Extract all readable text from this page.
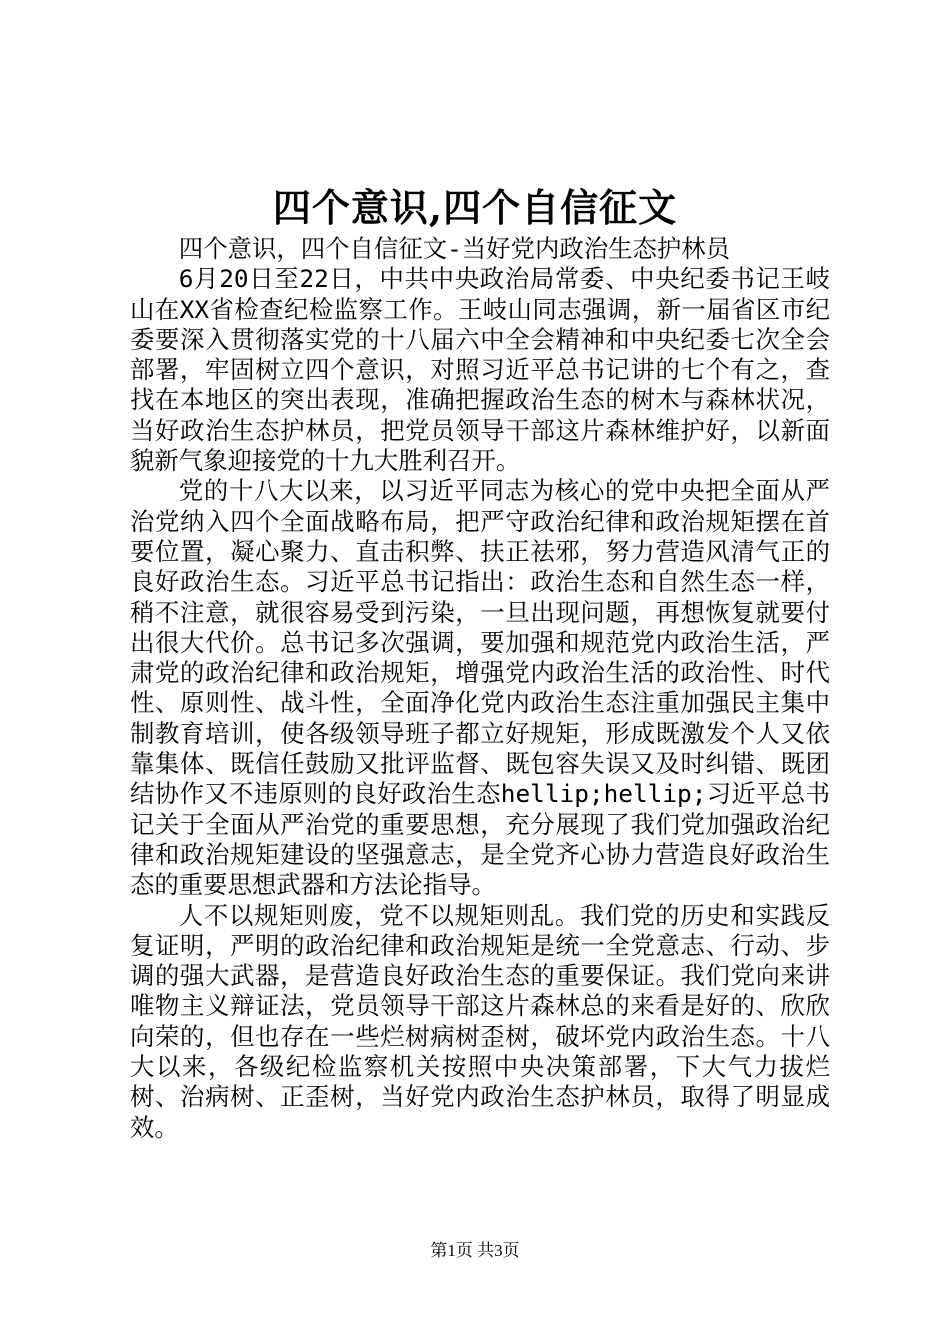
四个意识,四个自信征文

四个意识，四个自信征文-当好党内政治生态护林员

6月20日至22日，中共中央政治局常委、中央纪委书记王岐山在XX省检查纪检监察工作。王岐山同志强调，新一届省区市纪委要深入贯彻落实党的十八届六中全会精神和中央纪委七次全会部署，牢固树立四个意识，对照习近平总书记讲的七个有之，查找在本地区的突出表现，准确把握政治生态的树木与森林状况，当好政治生态护林员，把党员领导干部这片森林维护好，以新面貌新气象迎接党的十九大胜利召开。

党的十八大以来，以习近平同志为核心的党中央把全面从严治党纳入四个全面战略布局，把严守政治纪律和政治规矩摆在首要位置，凝心聚力、直击积弊、扶正祛邪，努力营造风清气正的良好政治生态。习近平总书记指出：政治生态和自然生态一样，稍不注意，就很容易受到污染，一旦出现问题，再想恢复就要付出很大代价。总书记多次强调，要加强和规范党内政治生活，严肃党的政治纪律和政治规矩，增强党内政治生活的政治性、时代性、原则性、战斗性，全面净化党内政治生态注重加强民主集中制教育培训，使各级领导班子都立好规矩，形成既激发个人又依靠集体、既信任鼓励又批评监督、既包容失误又及时纠错、既团结协作又不违原则的良好政治生态hellip;hellip;习近平总书记关于全面从严治党的重要思想，充分展现了我们党加强政治纪律和政治规矩建设的坚强意志，是全党齐心协力营造良好政治生态的重要思想武器和方法论指导。

人不以规矩则废，党不以规矩则乱。我们党的历史和实践反复证明，严明的政治纪律和政治规矩是统一全党意志、行动、步调的强大武器，是营造良好政治生态的重要保证。我们党向来讲唯物主义辩证法，党员领导干部这片森林总的来看是好的、欣欣向荣的，但也存在一些烂树病树歪树，破坏党内政治生态。十八大以来，各级纪检监察机关按照中央决策部署，下大气力拔烂树、治病树、正歪树，当好党内政治生态护林员，取得了明显成效。

第1页 共3页
